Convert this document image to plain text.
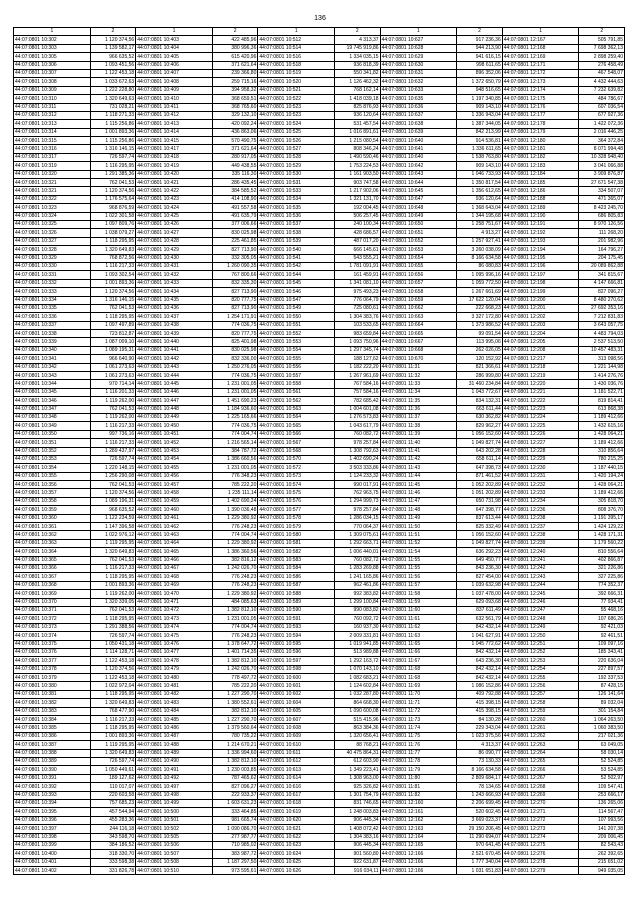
136
1	2	1	2	1	2	1	2	1	2
44:07:0801 10:302	1 120 374,56	44:07:0801 10:403	422 485,96	44:07:0801 10:512	4 313,37	44:07:0801 10:627	917 236,36	44:07:0801 12:167	505 791,85
44:07:0801 10:303	1 139 582,17	44:07:0801 10:404	380 996,36	44:07:0801 10:514	19 745 919,86	44:07:0801 10:628	944 213,90	44:07:0801 12:168	7 698 362,13
44:07:0801 10:305	966 635,52	44:07:0801 10:405	615 420,96	44:07:0801 10:516	1 334 035,15	44:07:0801 10:629	941 616,15	44:07:0801 12:169	2 898 259,40
44:07:0801 10:306	1 093 451,56	44:07:0801 10:406	371 621,64	44:07:0801 10:518	936 818,39	44:07:0801 10:630	998 611,65	44:07:0801 12:171	276 458,49
44:07:0801 10:307	1 122 453,18	44:07:0801 10:407	239 366,80	44:07:0801 10:519	550 341,82	44:07:0801 10:631	896 352,06	44:07:0801 12:172	467 548,07
44:07:0801 10:308	1 033 672,63	44:07:0801 10:408	259 715,16	44:07:0801 10:520	1 126 462,32	44:07:0801 10:632	1 372 650,79	44:07:0801 12:173	4 432 444,63
44:07:0801 10:309	1 222 228,80	44:07:0801 10:409	394 958,32	44:07:0801 10:521	768 162,14	44:07:0801 10:633	948 516,65	44:07:0801 12:174	7 232 639,82
44:07:0801 10:310	1 320 649,63	44:07:0801 10:410	368 659,51	44:07:0801 10:522	1 418 039,18	44:07:0801 10:635	1 197 340,85	44:07:0801 12:175	484 786,67
44:07:0801 10:311	731 028,21	44:07:0801 10:411	368 765,60	44:07:0801 10:523	825 876,93	44:07:0801 10:636	909 143,10	44:07:0801 12:176	607 036,54
44:07:0801 10:312	1 118 271,33	44:07:0801 10:412	329 132,10	44:07:0801 10:523	936 120,64	44:07:0801 10:637	1 336 943,04	44:07:0801 12:177	677 927,36
44:07:0801 10:313	1 115 256,86	44:07:0801 10:413	420 092,24	44:07:0801 10:524	531 457,54	44:07:0801 10:638	1 387 344,05	44:07:0801 12:178	1 422 072,36
44:07:0801 10:314	1 001 893,36	44:07:0801 10:414	436 863,06	44:07:0801 10:525	1 016 891,61	44:07:0801 10:639	842 213,99	44:07:0801 12:179	2 016 446,25
44:07:0801 10:315	1 115 256,86	44:07:0801 10:415	570 490,75	44:07:0801 10:526	1 215 080,54	44:07:0801 10:640	914 536,81	44:07:0801 12:180	364 372,84
44:07:0801 10:316	1 316 146,15	44:07:0801 10:417	371 621,64	44:07:0801 10:527	808 346,24	44:07:0801 10:641	1 336 611,65	44:07:0801 12:181	8 071 994,48
44:07:0801 10:317	726 597,74	44:07:0801 10:418	280 917,05	44:07:0801 10:528	1 490 590,46	44:07:0801 10:640	1 538 763,80	44:07:0801 12:182	10 328 948,40
44:07:0801 10:319	1 116 295,95	44:07:0801 10:419	449 438,55	44:07:0801 10:529	1 753 224,53	44:07:0801 10:642	909 143,10	44:07:0801 12:183	3 041 066,88
44:07:0801 10:320	1 291 385,36	44:07:0801 10:420	335 116,30	44:07:0801 10:530	1 161 903,50	44:07:0801 10:643	1 046 733,93	44:07:0801 12:184	3 909 876,87
44:07:0801 10:321	762 041,53	44:07:0801 10:421	286 435,45	44:07:0801 10:531	903 747,58	44:07:0801 10:644	1 350 817,54	44:07:0801 12:185	27 671 547,38
44:07:0801 10:321	1 120 374,56	44:07:0801 10:422	384 585,52	44:07:0801 10:533	1 217 902,06	44:07:0801 10:645	1 356 612,65	44:07:0801 12:186	334 507,07
44:07:0801 10:322	1 176 575,64	44:07:0801 10:423	414 108,90	44:07:0801 10:534	1 321 131,70	44:07:0801 10:647	936 120,64	44:07:0801 12:188	471 365,07
44:07:0801 10:323	968 876,59	44:07:0801 10:424	491 557,58	44:07:0801 10:535	192 004,45	44:07:0801 10:648	1 368 643,04	44:07:0801 12:189	8 423 245,70
44:07:0801 10:324	1 022 301,58	44:07:0801 10:425	491 635,79	44:07:0801 10:536	506 257,45	44:07:0801 10:649	1 344 195,68	44:07:0801 12:190	686 805,83
44:07:0801 10:325	1 097 809,76	44:07:0801 10:426	377 006,66	44:07:0801 10:537	240 100,34	44:07:0801 10:650	1 258 751,67	44:07:0801 12:191	8 970 126,56
44:07:0801 10:326	1 038 079,27	44:07:0801 10:427	830 025,98	44:07:0801 10:538	428 686,57	44:07:0801 10:651	4 913,27	44:07:0801 12:192	111 268,20
44:07:0801 10:327	1 118 295,95	44:07:0801 10:428	225 461,85	44:07:0801 10:539	487 017,20	44:07:0801 10:652	1 257 927,41	44:07:0801 12:193	201 982,96
44:07:0801 10:328	1 320 649,83	44:07:0801 10:429	827 713,90	44:07:0801 10:540	666 145,61	44:07:0801 10:653	3 260 038,09	44:07:0801 12:194	164 796,27
44:07:0801 10:329	768 872,56	44:07:0801 10:430	332 305,05	44:07:0801 10:541	543 555,21	44:07:0801 10:654	8 166 634,58	44:07:0801 12:195	204 175,45
44:07:0801 10:330	1 116 217,33	44:07:0801 10:431	1 260 090,35	44:07:0801 10:542	1 781 091,91	44:07:0801 10:655	86 080,83	44:07:0801 12:196	20 089 862,88
44:07:0801 10:331	1 093 302,54	44:07:0801 10:432	767 800,66	44:07:0801 10:544	161 459,91	44:07:0801 10:656	1 095 996,16	44:07:0801 12:197	341 815,67
44:07:0801 10:332	1 001 893,36	44:07:0801 10:433	832 335,30	44:07:0801 10:545	1 341 081,10	44:07:0801 10:657	1 059 772,50	44:07:0801 12:198	4 147 666,81
44:07:0801 10:333	1 120 374,56	44:07:0801 10:434	827 713,90	44:07:0801 10:546	975 493,23	44:07:0801 10:658	1 267 661,69	44:07:0801 12:199	827 096,27
44:07:0801 10:334	1 316 146,15	44:07:0801 10:435	820 777,75	44:07:0801 10:547	776 064,79	44:07:0801 10:659	17 622 120,04	44:07:0801 12:200	8 480 270,62
44:07:0801 10:335	762 041,53	44:07:0801 10:436	827 713,90	44:07:0801 10:549	725 080,61	44:07:0801 10:662	222 668,23	44:07:0801 12:201	27 692 353,16
44:07:0801 10:336	1 118 295,95	44:07:0801 10:437	1 254 171,91	44:07:0801 10:550	1 304 383,76	44:07:0801 10:663	3 327 172,80	44:07:0801 12:202	7 212 831,83
44:07:0801 10:337	1 097 497,89	44:07:0801 10:438	774 036,75	44:07:0801 10:551	103 533,65	44:07:0801 10:664	1 373 986,52	44:07:0801 12:203	3 643 057,75
44:07:0801 10:338	723 812,87	44:07:0801 10:439	820 777,75	44:07:0801 10:552	983 659,84	44:07:0801 10:665	99 091,54	44:07:0801 12:204	4 483 794,03
44:07:0801 10:339	1 087 009,10	44:07:0801 10:440	825 401,98	44:07:0801 10:553	1 093 750,96	44:07:0801 10:667	113 995,06	44:07:0801 12:205	2 537 513,50
44:07:0801 10:340	1 089 195,31	44:07:0801 10:441	830 025,98	44:07:0801 10:554	1 297 345,74	44:07:0801 10:668	262 026,05	44:07:0801 12:208	10 457 483,31
44:07:0801 10:341	966 640,90	44:07:0801 10:442	832 336,00	44:07:0801 10:555	188 127,62	44:07:0801 10:670	120 152,92	44:07:0801 12:217	313 098,56
44:07:0801 10:342	1 061 273,63	44:07:0801 10:443	1 250 276,05	44:07:0801 10:556	1 182 222,20	44:07:0801 11:31	821 366,61	44:07:0801 12:218	1 221 144,98
44:07:0801 10:343	1 061 273,63	44:07:0801 10:444	774 036,75	44:07:0801 10:557	1 267 961,69	44:07:0801 11:32	286 999,80	44:07:0801 12:219	1 414 276,76
44:07:0801 10:344	970 714,14	44:07:0801 10:445	1 231 001,05	44:07:0801 10:558	767 584,16	44:07:0801 11:33	31 460 234,84	44:07:0801 12:220	1 430 036,76
44:07:0801 10:345	1 116 201,33	44:07:0801 10:446	1 231 001,05	44:07:0801 10:561	757 584,16	44:07:0801 11:34	1 043 772,67	44:07:0801 12:221	1 181 522,71
44:07:0801 10:346	1 119 262,00	44:07:0801 10:447	1 451 690,23	44:07:0801 10:562	782 685,42	44:07:0801 11:35	834 132,31	44:07:0801 12:222	819 814,41
44:07:0801 10:347	762 041,53	44:07:0801 10:448	1 184 936,60	44:07:0801 10:563	1 004 601,08	44:07:0801 11:36	663 611,44	44:07:0801 12:223	613 868,38
44:07:0801 10:348	1 119 262,00	44:07:0801 10:449	1 225 165,66	44:07:0801 10:564	1 276 573,83	44:07:0801 11:37	630 362,82	44:07:0801 12:224	1 189 412,66
44:07:0801 10:349	1 116 217,33	44:07:0801 10:450	774 036,75	44:07:0801 10:565	1 043 617,79	44:07:0801 11:38	829 962,27	44:07:0801 12:225	1 432 615,16
44:07:0801 10:350	997 736,16	44:07:0801 10:451	774 004,74	44:07:0801 10:566	760 082,72	44:07:0801 11:39	1 056 152,60	44:07:0801 12:226	1 428 064,21
44:07:0801 10:351	1 116 217,33	44:07:0801 10:452	1 216 565,14	44:07:0801 10:567	978 257,84	44:07:0801 11:40	1 049 827,74	44:07:0801 12:227	1 189 412,66
44:07:0801 10:352	1 289 437,97	44:07:0801 10:453	384 787,72	44:07:0801 10:568	1 308 792,63	44:07:0801 11:41	643 202,28	44:07:0801 12:228	310 856,64
44:07:0801 10:353	726 597,74	44:07:0801 10:454	1 386 660,56	44:07:0801 10:570	1 402 690,24	44:07:0801 11:42	658 611,14	44:07:0801 12:229	780 215,25
44:07:0801 10:354	1 220 148,15	44:07:0801 10:455	1 231 001,05	44:07:0801 10:572	3 503 333,86	44:07:0801 11:43	647 398,73	44:07:0801 12:230	1 187 440,15
44:07:0801 10:355	1 256 290,08	44:07:0801 10:456	776 348,23	44:07:0801 10:573	1 124 233,32	44:07:0801 11:44	871 461,52	44:07:0801 12:231	1 420 194,24
44:07:0801 10:356	762 041,53	44:07:0801 10:457	785 222,20	44:07:0801 10:574	990 017,91	44:07:0801 11:45	1 052 202,89	44:07:0801 12:232	1 428 064,21
44:07:0801 10:357	1 120 374,56	44:07:0801 10:458	1 235 111,14	44:07:0801 10:575	762 963,75	44:07:0801 11:46	1 051 202,89	44:07:0801 12:233	1 189 412,66
44:07:0801 10:358	1 089 196,31	44:07:0801 10:459	1 402 690,24	44:07:0801 10:576	1 294 999,73	44:07:0801 11:47	650 731,98	44:07:0801 12:234	305 818,70
44:07:0801 10:359	968 635,52	44:07:0801 10:460	1 390 036,48	44:07:0801 10:577	978 257,84	44:07:0801 11:48	647 398,77	44:07:0801 12:236	808 376,70
44:07:0801 10:360	1 122 234,59	44:07:0801 10:461	1 229 380,92	44:07:0801 10:578	1 286 034,15	44:07:0801 11:49	837 613,44	44:07:0801 12:238	1 191 395,17
44:07:0801 10:361	1 147 396,58	44:07:0801 10:462	776 248,23	44:07:0801 10:579	770 064,37	44:07:0801 11:50	825 332,49	44:07:0801 12:237	1 424 129,22
44:07:0801 10:362	1 022 976,12	44:07:0801 10:463	774 004,74	44:07:0801 10:580	1 309 075,61	44:07:0801 11:51	1 056 152,60	44:07:0801 12:238	1 428 171,31
44:07:0801 10:363	1 119 295,95	44:07:0801 10:464	1 229 380,92	44:07:0801 10:581	1 292 663,71	44:07:0801 11:52	1 049 827,74	44:07:0801 12:239	1 179 560,22
44:07:0801 10:364	1 320 649,83	44:07:0801 10:465	1 386 360,56	44:07:0801 10:582	1 006 440,01	44:07:0801 11:54	636 292,23	44:07:0801 12:240	810 556,64
44:07:0801 10:365	762 041,53	44:07:0801 10:466	382 816,12	44:07:0801 10:583	760 082,72	44:07:0801 11:55	649 450,77	44:07:0801 12:241	402 866,87
44:07:0801 10:366	1 116 217,33	44:07:0801 10:467	1 242 026,70	44:07:0801 10:584	1 283 269,88	44:07:0801 11:55	843 236,30	44:07:0801 12:242	321 226,86
44:07:0801 10:367	1 118 295,95	44:07:0801 10:468	776 248,23	44:07:0801 10:586	1 241 165,86	44:07:0801 11:56	827 454,00	44:07:0801 12:243	327 225,86
44:07:0801 10:368	1 001 893,36	44:07:0801 10:469	776 248,23	44:07:0801 10:587	962 461,86	44:07:0801 11:57	1 039 632,98	44:07:0801 12:244	774 352,37
44:07:0801 10:369	1 119 262,00	44:07:0801 10:470	1 229 380,92	44:07:0801 10:588	992 383,82	44:07:0801 11:58	1 037 478,00	44:07:0801 12:245	392 666,31
44:07:0801 10:370	1 320 339,05	44:07:0801 10:471	484 085,63	44:07:0801 10:589	1 299 100,84	44:07:0801 11:59	629 093,68	44:07:0801 12:246	77 934,41
44:07:0801 10:371	762 041,53	44:07:0801 10:472	1 382 812,10	44:07:0801 10:590	990 083,82	44:07:0801 11:60	837 611,49	44:07:0801 12:247	55 468,16
44:07:0801 10:372	1 118 295,95	44:07:0801 10:473	1 231 001,05	44:07:0801 10:591	760 092,72	44:07:0801 11:61	632 561,79	44:07:0801 12:248	107 686,26
44:07:0801 10:373	1 291 388,56	44:07:0801 10:474	774 004,74	44:07:0801 10:593	160 937,30	44:07:0801 11:62	842 432,14	44:07:0801 12:249	92 421,03
44:07:0801 10:374	726 597,74	44:07:0801 10:475	776 248,23	44:07:0801 10:594	2 009 331,81	44:07:0801 11:63	1 041 627,91	44:07:0801 12:250	92 461,51
44:07:0801 10:375	1 050 431,18	44:07:0801 10:476	1 378 647,72	44:07:0801 10:595	1 019 941,85	44:07:0801 11:65	1 045 772,62	44:07:0801 12:251	109 097,16
44:07:0801 10:376	1 114 128,71	44:07:0801 10:477	1 401 714,35	44:07:0801 10:596	513 989,88	44:07:0801 11:66	842 432,14	44:07:0801 12:252	185 343,41
44:07:0801 10:377	1 122 453,18	44:07:0801 10:478	1 382 812,10	44:07:0801 10:597	1 292 163,72	44:07:0801 11:67	643 236,30	44:07:0801 12:253	220 636,04
44:07:0801 10:378	1 120 374,56	44:07:0801 10:479	1 242 026,70	44:07:0801 10:598	1 070 143,10	44:07:0801 11:68	842 432,14	44:07:0801 12:254	227 897,57
44:07:0801 10:379	1 122 453,18	44:07:0801 10:480	778 497,72	44:07:0801 10:600	1 082 683,21	44:07:0801 11:68	842 432,14	44:07:0801 12:255	192 337,53
44:07:0801 10:380	1 022 972,04	44:07:0801 10:481	785 222,20	44:07:0801 10:601	1 124 602,84	44:07:0801 11:69	1 086 152,86	44:07:0801 12:256	87 428,15
44:07:0801 10:381	1 118 295,95	44:07:0801 10:482	1 227 290,70	44:07:0801 10:602	1 032 287,80	44:07:0801 11:70	409 792,88	44:07:0801 12:257	126 141,64
44:07:0801 10:382	1 320 649,83	44:07:0801 10:483	1 380 552,61	44:07:0801 10:604	864 668,30	44:07:0801 11:71	415 398,15	44:07:0801 12:258	89 032,04
44:07:0801 10:383	768 477,90	44:07:0801 10:484	382 812,10	44:07:0801 10:605	1 090 600,08	44:07:0801 11:72	415 398,15	44:07:0801 12:259	301 154,84
44:07:0801 10:384	1 116 217,33	44:07:0801 10:485	1 227 290,70	44:07:0801 10:607	515 415,96	44:07:0801 11:73	84 130,28	44:07:0801 12:260	1 064 263,50
44:07:0801 10:385	1 118 295,95	44:07:0801 10:486	1 379 560,64	44:07:0801 10:608	863 384,36	44:07:0801 11:74	229 343,04	44:07:0801 12:261	1 060 383,50
44:07:0801 10:386	1 001 893,36	44:07:0801 10:487	780 735,22	44:07:0801 10:609	1 320 656,41	44:07:0801 11:75	1 023 375,56	44:07:0801 12:262	217 021,36
44:07:0801 10:387	1 119 295,95	44:07:0801 10:488	1 214 670,21	44:07:0801 10:610	88 768,21	44:07:0801 11:76	4 313,37	44:07:0801 12:263	63 049,05
44:07:0801 10:388	1 320 649,83	44:07:0801 10:489	1 336 994,60	44:07:0801 10:611	40 475 864,31	44:07:0801 11:77	86 090,77	44:07:0801 12:264	58 030,14
44:07:0801 10:389	726 597,74	44:07:0801 10:490	1 382 812,10	44:07:0801 10:612	612 603,90	44:07:0801 11:78	73 130,33	44:07:0801 12:265	52 524,85
44:07:0801 10:390	1 050 449,61	44:07:0801 10:491	1 230 003,85	44:07:0801 10:613	1 349 223,41	44:07:0801 11:79	8 166 634,58	44:07:0801 12:266	53 524,85
44:07:0801 10:391	189 127,62	44:07:0801 10:492	787 465,62	44:07:0801 10:614	1 308 963,00	44:07:0801 11:80	2 809 684,17	44:07:0801 12:267	52 502,97
44:07:0801 10:392	110 017,07	44:07:0801 10:497	827 096,27	44:07:0801 10:616	925 326,82	44:07:0801 11:81	78 134,65	44:07:0801 12:268	109 547,41
44:07:0801 10:393	220 603,58	44:07:0801 10:498	222 933,37	44:07:0801 10:617	1 301 754,79	44:07:0801 11:82	1 243 666,93	44:07:0801 12:269	253 666,17
44:07:0801 10:394	757 685,23	44:07:0801 10:499	1 603 631,23	44:07:0801 10:618	831 746,65	44:07:0801 12:160	2 206 699,45	44:07:0801 12:270	136 265,06
44:07:0801 10:395	457 544,94	44:07:0801 10:500	333 464,85	44:07:0801 10:619	1 248 003,83	44:07:0801 12:161	520 602,45	44:07:0801 12:271	114 567,47
44:07:0801 10:396	455 283,36	44:07:0801 10:501	981 665,74	44:07:0801 10:620	906 445,34	44:07:0801 12:162	3 669 023,37	44:07:0801 12:272	107 993,56
44:07:0801 10:397	244 116,18	44:07:0801 10:502	1 090 086,70	44:07:0801 10:621	1 408 072,42	44:07:0801 12:163	29 150 206,45	44:07:0801 12:273	141 207,38
44:07:0801 10:398	343 598,70	44:07:0801 10:505	277 987,77	44:07:0801 10:622	1 304 383,16	44:07:0801 12:164	11 290 694,07	44:07:0801 12:274	209 006,45
44:07:0801 10:399	384 186,52	44:07:0801 10:506	710 985,02	44:07:0801 10:623	906 445,34	44:07:0801 12:165	970 641,45	44:07:0801 12:275	82 543,43
44:07:0801 10:400	318 330,70	44:07:0801 10:507	383 987,72	44:07:0801 10:624	901 560,80	44:07:0801 12:166	2 521 670,45	44:07:0801 12:276	262 392,65
44:07:0801 10:401	333 598,38	44:07:0801 10:508	1 187 297,50	44:07:0801 10:625	922 631,87	44:07:0801 12:166	1 777 340,04	44:07:0801 12:278	215 651,02
44:07:0801 10:402	331 826,78	44:07:0801 10:510	973 595,61	44:07:0801 10:626	916 034,11	44:07:0801 12:166	1 031 651,83	44:07:0801 12:279	949 035,05
